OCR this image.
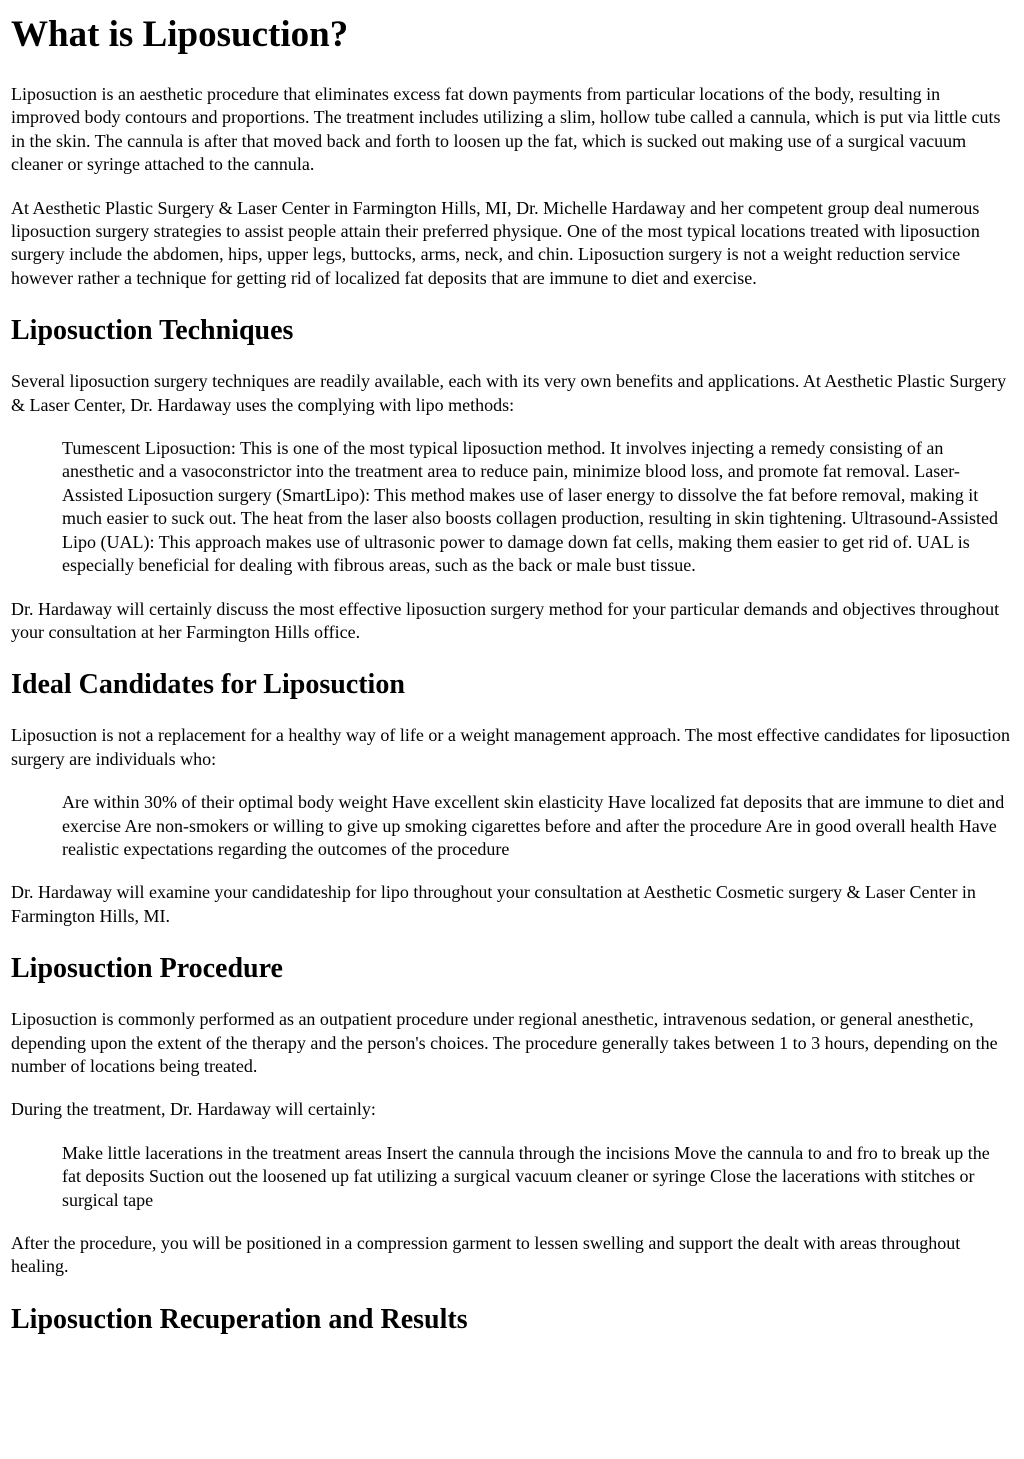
What is Liposuction?

Liposuction is an aesthetic procedure that eliminates excess fat down payments from particular locations of the body, resulting in improved body contours and proportions. The treatment includes utilizing a slim, hollow tube called a cannula, which is put via little cuts in the skin. The cannula is after that moved back and forth to loosen up the fat, which is sucked out making use of a surgical vacuum cleaner or syringe attached to the cannula.

At Aesthetic Plastic Surgery & Laser Center in Farmington Hills, MI, Dr. Michelle Hardaway and her competent group deal numerous liposuction surgery strategies to assist people attain their preferred physique. One of the most typical locations treated with liposuction surgery include the abdomen, hips, upper legs, buttocks, arms, neck, and chin. Liposuction surgery is not a weight reduction service however rather a technique for getting rid of localized fat deposits that are immune to diet and exercise.

Liposuction Techniques

Several liposuction surgery techniques are readily available, each with its very own benefits and applications. At Aesthetic Plastic Surgery & Laser Center, Dr. Hardaway uses the complying with lipo methods:

Tumescent Liposuction: This is one of the most typical liposuction method. It involves injecting a remedy consisting of an anesthetic and a vasoconstrictor into the treatment area to reduce pain, minimize blood loss, and promote fat removal. Laser-Assisted Liposuction surgery (SmartLipo): This method makes use of laser energy to dissolve the fat before removal, making it much easier to suck out. The heat from the laser also boosts collagen production, resulting in skin tightening. Ultrasound-Assisted Lipo (UAL): This approach makes use of ultrasonic power to damage down fat cells, making them easier to get rid of. UAL is especially beneficial for dealing with fibrous areas, such as the back or male bust tissue.

Dr. Hardaway will certainly discuss the most effective liposuction surgery method for your particular demands and objectives throughout your consultation at her Farmington Hills office.

Ideal Candidates for Liposuction

Liposuction is not a replacement for a healthy way of life or a weight management approach. The most effective candidates for liposuction surgery are individuals who:

Are within 30% of their optimal body weight Have excellent skin elasticity Have localized fat deposits that are immune to diet and exercise Are non-smokers or willing to give up smoking cigarettes before and after the procedure Are in good overall health Have realistic expectations regarding the outcomes of the procedure

Dr. Hardaway will examine your candidateship for lipo throughout your consultation at Aesthetic Cosmetic surgery & Laser Center in Farmington Hills, MI.

Liposuction Procedure

Liposuction is commonly performed as an outpatient procedure under regional anesthetic, intravenous sedation, or general anesthetic, depending upon the extent of the therapy and the person's choices. The procedure generally takes between 1 to 3 hours, depending on the number of locations being treated.

During the treatment, Dr. Hardaway will certainly:

Make little lacerations in the treatment areas Insert the cannula through the incisions Move the cannula to and fro to break up the fat deposits Suction out the loosened up fat utilizing a surgical vacuum cleaner or syringe Close the lacerations with stitches or surgical tape

After the procedure, you will be positioned in a compression garment to lessen swelling and support the dealt with areas throughout healing.

Liposuction Recuperation and Results
